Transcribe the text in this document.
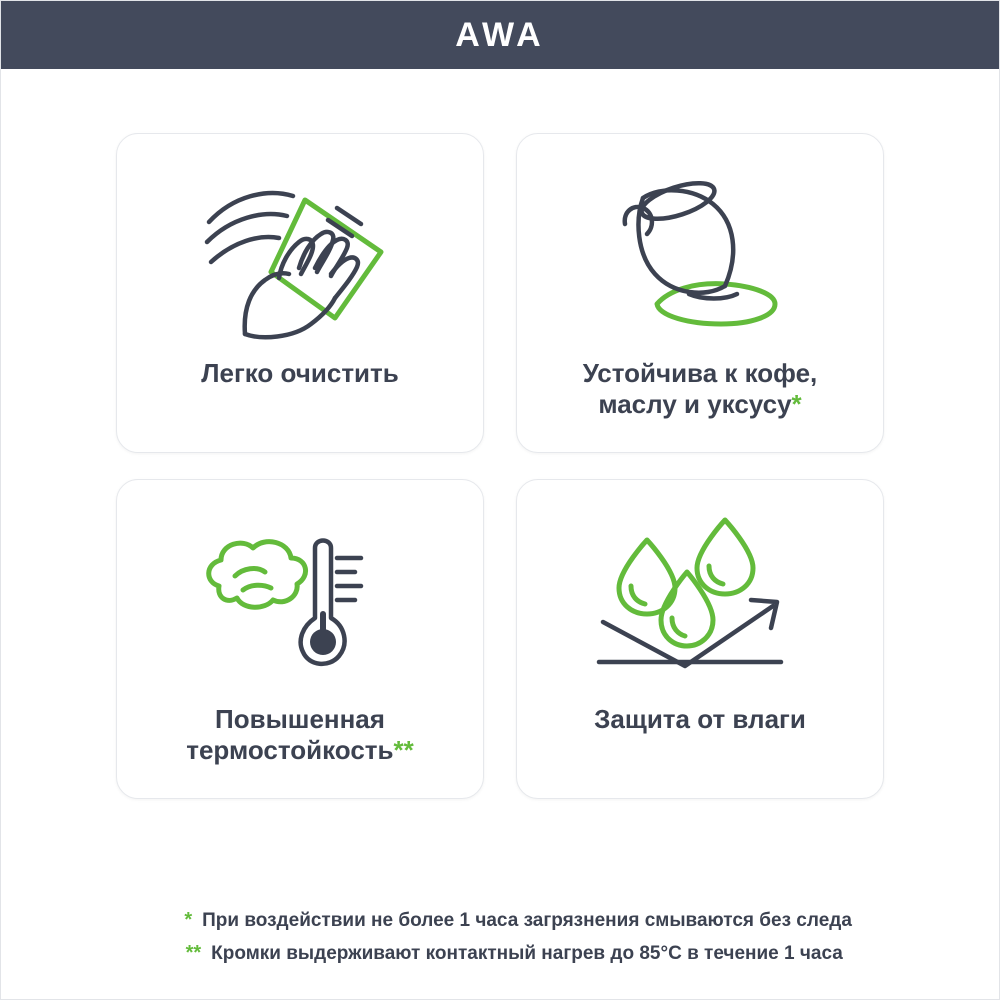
AWA
Легко очистить	Устойчива к кофе,
маслу и уксусу*
Повышенная
термостойкость**
Защита от влаги
* При воздействии не более 1 часа загрязнения смываются без следа
** Кромки выдерживают контактный нагрев до 85°C в течение 1 часа
